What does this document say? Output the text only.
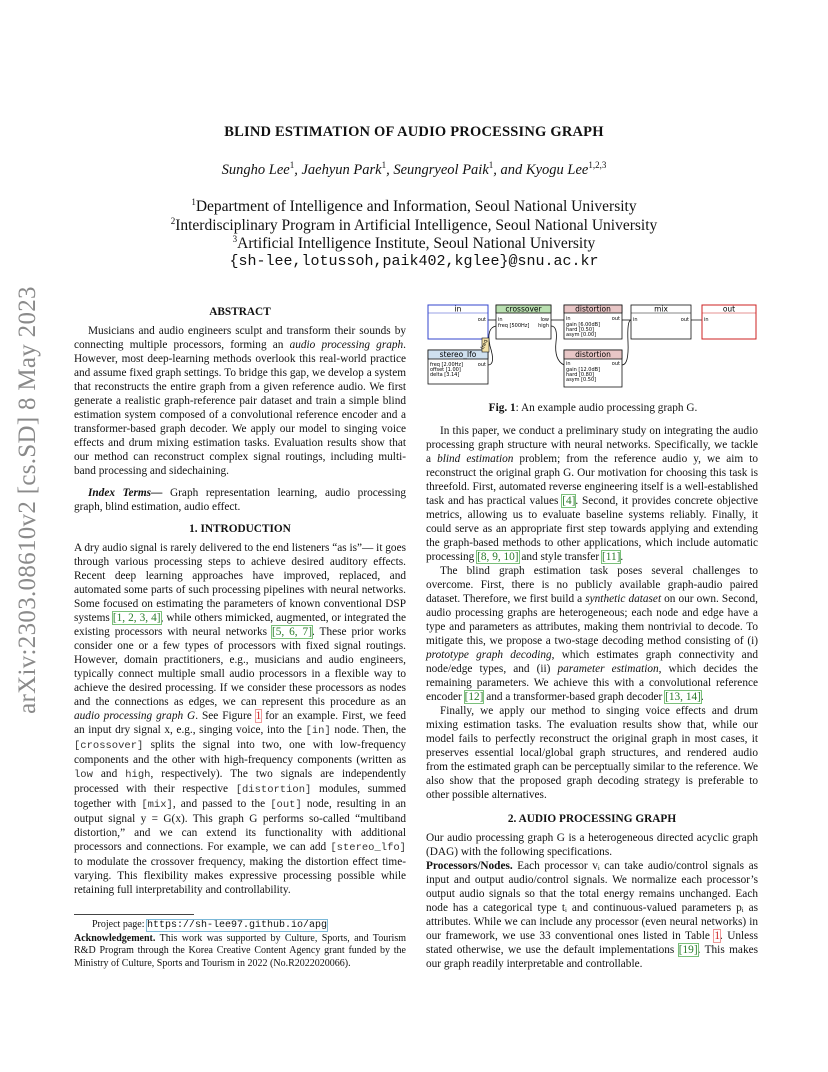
arXiv:2303.08610v2 [cs.SD] 8 May 2023
BLIND ESTIMATION OF AUDIO PROCESSING GRAPH
Sungho Lee$^1$, Jaehyun Park$^1$, Seungryeol Paik$^1$, and Kyogu Lee$^{1,2,3}$
$^1$Department of Intelligence and Information, Seoul National University
$^2$Interdisciplinary Program in Artificial Intelligence, Seoul National University
$^3$Artificial Intelligence Institute, Seoul National University
{sh-lee,lotussoh,paik402,kglee}@snu.ac.kr
ABSTRACT

Musicians and audio engineers sculpt and transform their sounds by connecting multiple processors, forming an audio processing graph. However, most deep-learning methods overlook this real-world practice and assume fixed graph settings. To bridge this gap, we develop a system that reconstructs the entire graph from a given reference audio. We first generate a realistic graph-reference pair dataset and train a simple blind estimation system composed of a convolutional reference encoder and a transformer-based graph decoder. We apply our model to singing voice effects and drum mixing estimation tasks. Evaluation results show that our method can reconstruct complex signal routings, including multi-band processing and sidechaining.

Index Terms— Graph representation learning, audio processing graph, blind estimation, audio effect.

1. INTRODUCTION

A dry audio signal is rarely delivered to the end listeners “as is”— it goes through various processing steps to achieve desired auditory effects. Recent deep learning approaches have improved, replaced, and automated some parts of such processing pipelines with neural networks. Some focused on estimating the parameters of known conventional DSP systems [1, 2, 3, 4], while others mimicked, augmented, or integrated the existing processors with neural networks [5, 6, 7]. These prior works consider one or a few types of processors with fixed signal routings. However, domain practitioners, e.g., musicians and audio engineers, typically connect multiple small audio processors in a flexible way to achieve the desired processing. If we consider these processors as nodes and the connections as edges, we can represent this procedure as an audio processing graph G. See Figure 1 for an example. First, we feed an input dry signal x, e.g., singing voice, into the [in] node. Then, the [crossover] splits the signal into two, one with low-frequency components and the other with high-frequency components (written as low and high, respectively). The two signals are independently processed with their respective [distortion] modules, summed together with [mix], and passed to the [out] node, resulting in an output signal y = G(x). This graph G performs so-called “multiband distortion,” and we can extend its functionality with additional processors and connections. For example, we can add [stereo_lfo] to modulate the crossover frequency, making the distortion effect time-varying. This flexibility makes expressive processing possible while retaining full interpretability and controllability.

Project page: https://sh-lee97.github.io/apg
Acknowledgement. This work was supported by Culture, Sports, and Tourism R&D Program through the Korea Creative Content Agency grant funded by the Ministry of Culture, Sports and Tourism in 2022 (No.R2022020066).
in
out
crossover
in	low
high
freq [500Hz]
distortion
in	out
gain [6.00dB]
hard [0.50]
asym [0.00]
mix
in	out
out
in
stereo_lfo
out
freq [2.00Hz]
offset [1.00]
delta [3.14]
freq
distortion
in	out
gain [12.0dB]
hard [0.80]
asym [0.50]
Fig. 1: An example audio processing graph G.

In this paper, we conduct a preliminary study on integrating the audio processing graph structure with neural networks. Specifically, we tackle a blind estimation problem; from the reference audio y, we aim to reconstruct the original graph G. Our motivation for choosing this task is threefold. First, automated reverse engineering itself is a well-established task and has practical values [4]. Second, it provides concrete objective metrics, allowing us to evaluate baseline systems reliably. Finally, it could serve as an appropriate first step towards applying and extending the graph-based methods to other applications, which include automatic processing [8, 9, 10] and style transfer [11].

The blind graph estimation task poses several challenges to overcome. First, there is no publicly available graph-audio paired dataset. Therefore, we first build a synthetic dataset on our own. Second, audio processing graphs are heterogeneous; each node and edge have a type and parameters as attributes, making them nontrivial to decode. To mitigate this, we propose a two-stage decoding method consisting of (i) prototype graph decoding, which estimates graph connectivity and node/edge types, and (ii) parameter estimation, which decides the remaining parameters. We achieve this with a convolutional reference encoder [12] and a transformer-based graph decoder [13, 14].

Finally, we apply our method to singing voice effects and drum mixing estimation tasks. The evaluation results show that, while our model fails to perfectly reconstruct the original graph in most cases, it preserves essential local/global graph structures, and rendered audio from the estimated graph can be perceptually similar to the reference. We also show that the proposed graph decoding strategy is preferable to other possible alternatives.

2. AUDIO PROCESSING GRAPH

Our audio processing graph G is a heterogeneous directed acyclic graph (DAG) with the following specifications.

Processors/Nodes. Each processor vᵢ can take audio/control signals as input and output audio/control signals. We normalize each processor’s output audio signals so that the total energy remains unchanged. Each node has a categorical type tᵢ and continuous-valued parameters pᵢ as attributes. While we can include any processor (even neural networks) in our framework, we use 33 conventional ones listed in Table 1. Unless stated otherwise, we use the default implementations [19]. This makes our graph readily interpretable and controllable.
